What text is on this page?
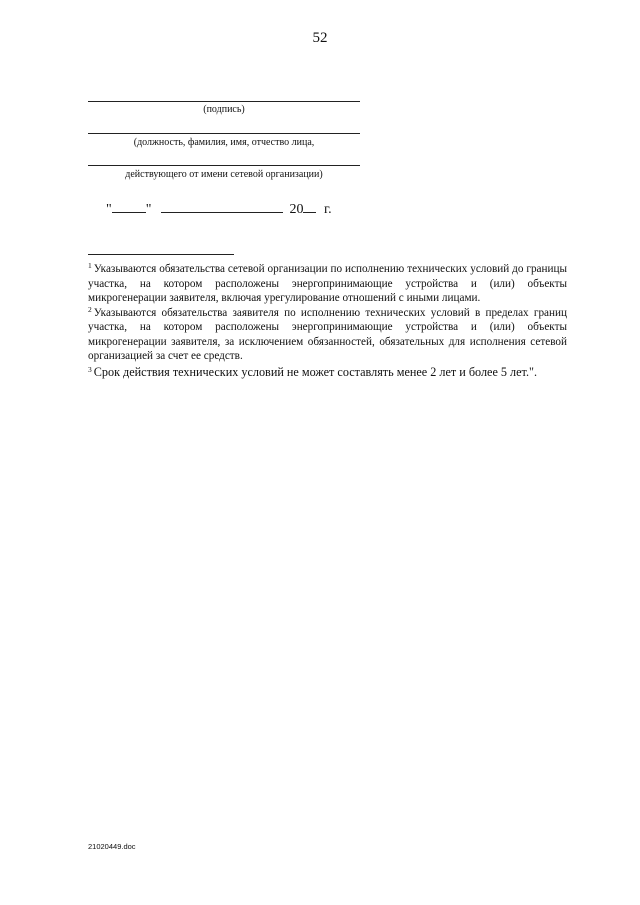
52
(подпись)
(должность, фамилия, имя, отчество лица,
действующего от имени сетевой организации)
" "	20 г.

$^1$ Указываются обязательства сетевой организации по исполнению технических условий до границы участка, на котором расположены энергопринимающие устройства и (или) объекты микрогенерации заявителя, включая урегулирование отношений с иными лицами.

$^2$ Указываются обязательства заявителя по исполнению технических условий в пределах границ участка, на котором расположены энергопринимающие устройства и (или) объекты микрогенерации заявителя, за исключением обязанностей, обязательных для исполнения сетевой организацией за счет ее средств.

$^3$ Срок действия технических условий не может составлять менее 2 лет и более 5 лет.".

21020449.doc
